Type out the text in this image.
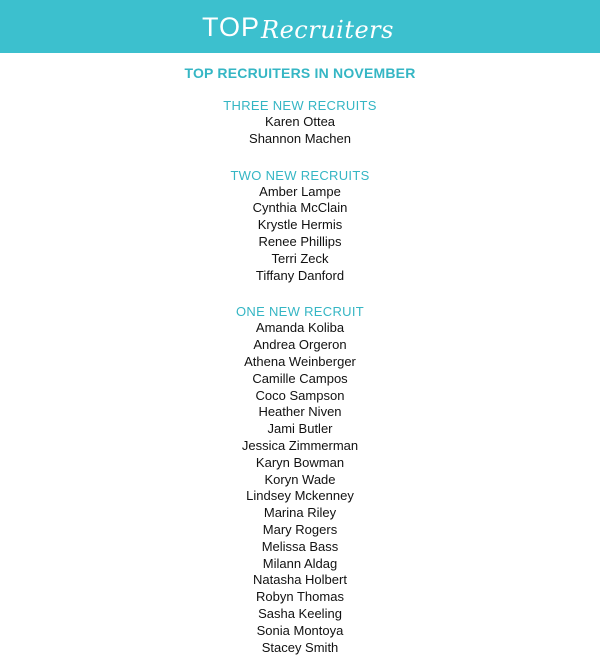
TOP Recruiters
TOP RECRUITERS IN NOVEMBER
THREE NEW RECRUITS
Karen Ottea
Shannon Machen
TWO NEW RECRUITS
Amber Lampe
Cynthia McClain
Krystle Hermis
Renee Phillips
Terri Zeck
Tiffany Danford
ONE NEW RECRUIT
Amanda Koliba
Andrea Orgeron
Athena Weinberger
Camille Campos
Coco Sampson
Heather Niven
Jami Butler
Jessica Zimmerman
Karyn Bowman
Koryn Wade
Lindsey Mckenney
Marina Riley
Mary Rogers
Melissa Bass
Milann Aldag
Natasha Holbert
Robyn Thomas
Sasha Keeling
Sonia Montoya
Stacey Smith
